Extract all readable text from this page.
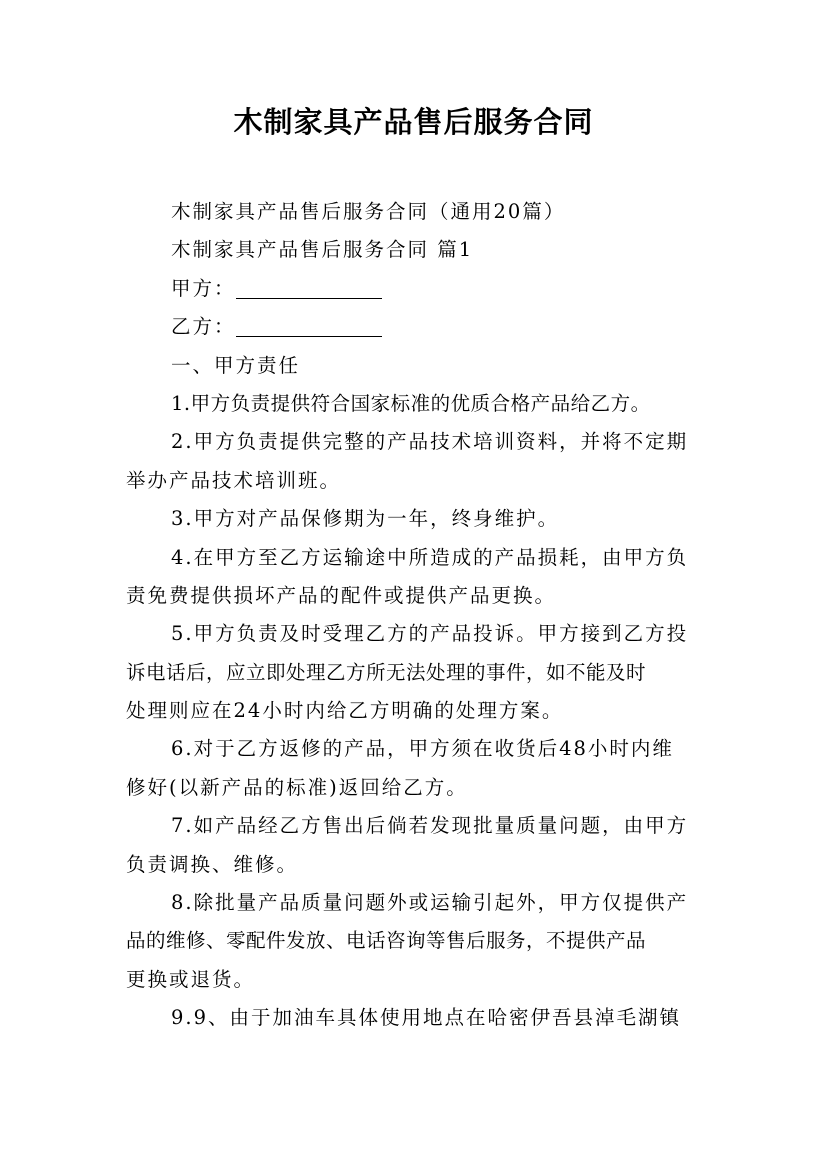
木制家具产品售后服务合同
木制家具产品售后服务合同（通用20篇）
木制家具产品售后服务合同 篇1
甲方：
乙方：
一、甲方责任
1.甲方负责提供符合国家标准的优质合格产品给乙方。
2.甲方负责提供完整的产品技术培训资料，并将不定期
举办产品技术培训班。
3.甲方对产品保修期为一年，终身维护。
4.在甲方至乙方运输途中所造成的产品损耗，由甲方负
责免费提供损坏产品的配件或提供产品更换。
5.甲方负责及时受理乙方的产品投诉。甲方接到乙方投
诉电话后，应立即处理乙方所无法处理的事件，如不能及时
处理则应在24小时内给乙方明确的处理方案。
6.对于乙方返修的产品，甲方须在收货后48小时内维
修好(以新产品的标准)返回给乙方。
7.如产品经乙方售出后倘若发现批量质量问题，由甲方
负责调换、维修。
8.除批量产品质量问题外或运输引起外，甲方仅提供产
品的维修、零配件发放、电话咨询等售后服务，不提供产品
更换或退货。
9.9、由于加油车具体使用地点在哈密伊吾县淖毛湖镇
